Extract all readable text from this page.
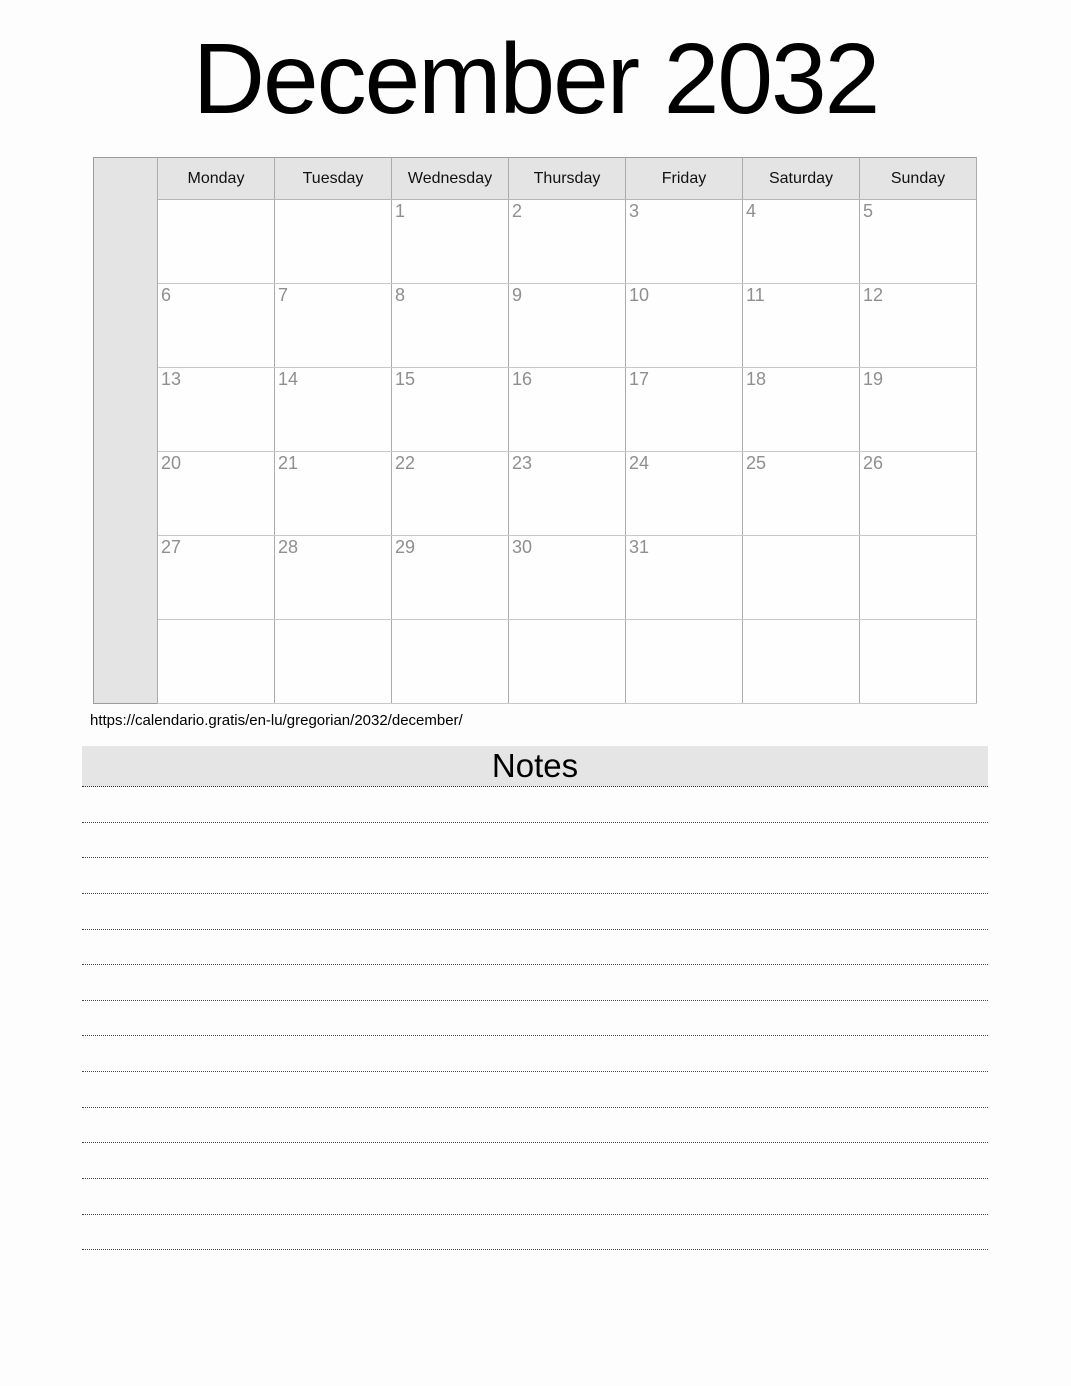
December 2032
	Monday	Tuesday	Wednesday	Thursday	Friday	Saturday	Sunday
			1	2	3	4	5
	6	7	8	9	10	11	12
	13	14	15	16	17	18	19
	20	21	22	23	24	25	26
	27	28	29	30	31		

https://calendario.gratis/en-lu/gregorian/2032/december/
Notes
